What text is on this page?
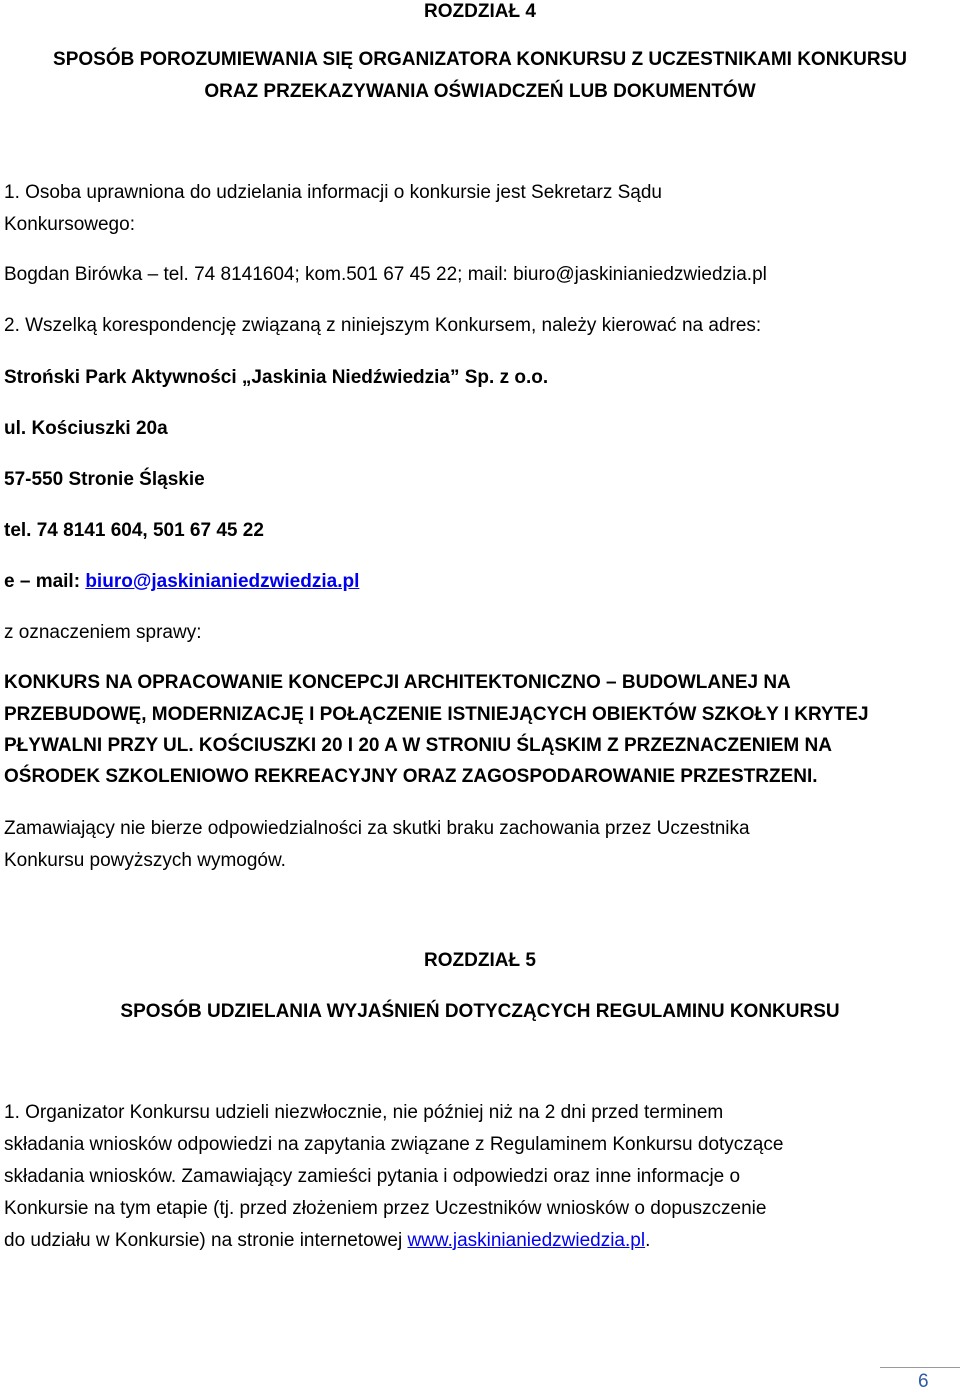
ROZDZIAŁ 4
SPOSÓB POROZUMIEWANIA SIĘ ORGANIZATORA KONKURSU Z UCZESTNIKAMI KONKURSU
ORAZ PRZEKAZYWANIA OŚWIADCZEŃ LUB DOKUMENTÓW
1. Osoba uprawniona do udzielania informacji o konkursie jest Sekretarz Sądu
Konkursowego:
Bogdan Birówka – tel. 74 8141604; kom.501 67 45 22; mail: biuro@jaskinianiedzwiedzia.pl
2. Wszelką korespondencję związaną z niniejszym Konkursem, należy kierować na adres:
Stroński Park Aktywności „Jaskinia Niedźwiedzia” Sp. z o.o.
ul. Kościuszki 20a
57-550 Stronie Śląskie
tel. 74 8141 604, 501 67 45 22
e – mail: biuro@jaskinianiedzwiedzia.pl
z oznaczeniem sprawy:
KONKURS NA OPRACOWANIE KONCEPCJI ARCHITEKTONICZNO – BUDOWLANEJ NA
PRZEBUDOWĘ, MODERNIZACJĘ I POŁĄCZENIE ISTNIEJĄCYCH OBIEKTÓW SZKOŁY I KRYTEJ
PŁYWALNI PRZY UL. KOŚCIUSZKI 20 I 20 A W STRONIU ŚLĄSKIM Z PRZEZNACZENIEM NA
OŚRODEK SZKOLENIOWO REKREACYJNY ORAZ ZAGOSPODAROWANIE PRZESTRZENI.
Zamawiający nie bierze odpowiedzialności za skutki braku zachowania przez Uczestnika
Konkursu powyższych wymogów.
ROZDZIAŁ 5
SPOSÓB UDZIELANIA WYJAŚNIEŃ DOTYCZĄCYCH REGULAMINU KONKURSU
1. Organizator Konkursu udzieli niezwłocznie, nie później niż na 2 dni przed terminem
składania wniosków odpowiedzi na zapytania związane z Regulaminem Konkursu dotyczące
składania wniosków. Zamawiający zamieści pytania i odpowiedzi oraz inne informacje o
Konkursie na tym etapie (tj. przed złożeniem przez Uczestników wniosków o dopuszczenie
do udziału w Konkursie) na stronie internetowej www.jaskinianiedzwiedzia.pl.
6
